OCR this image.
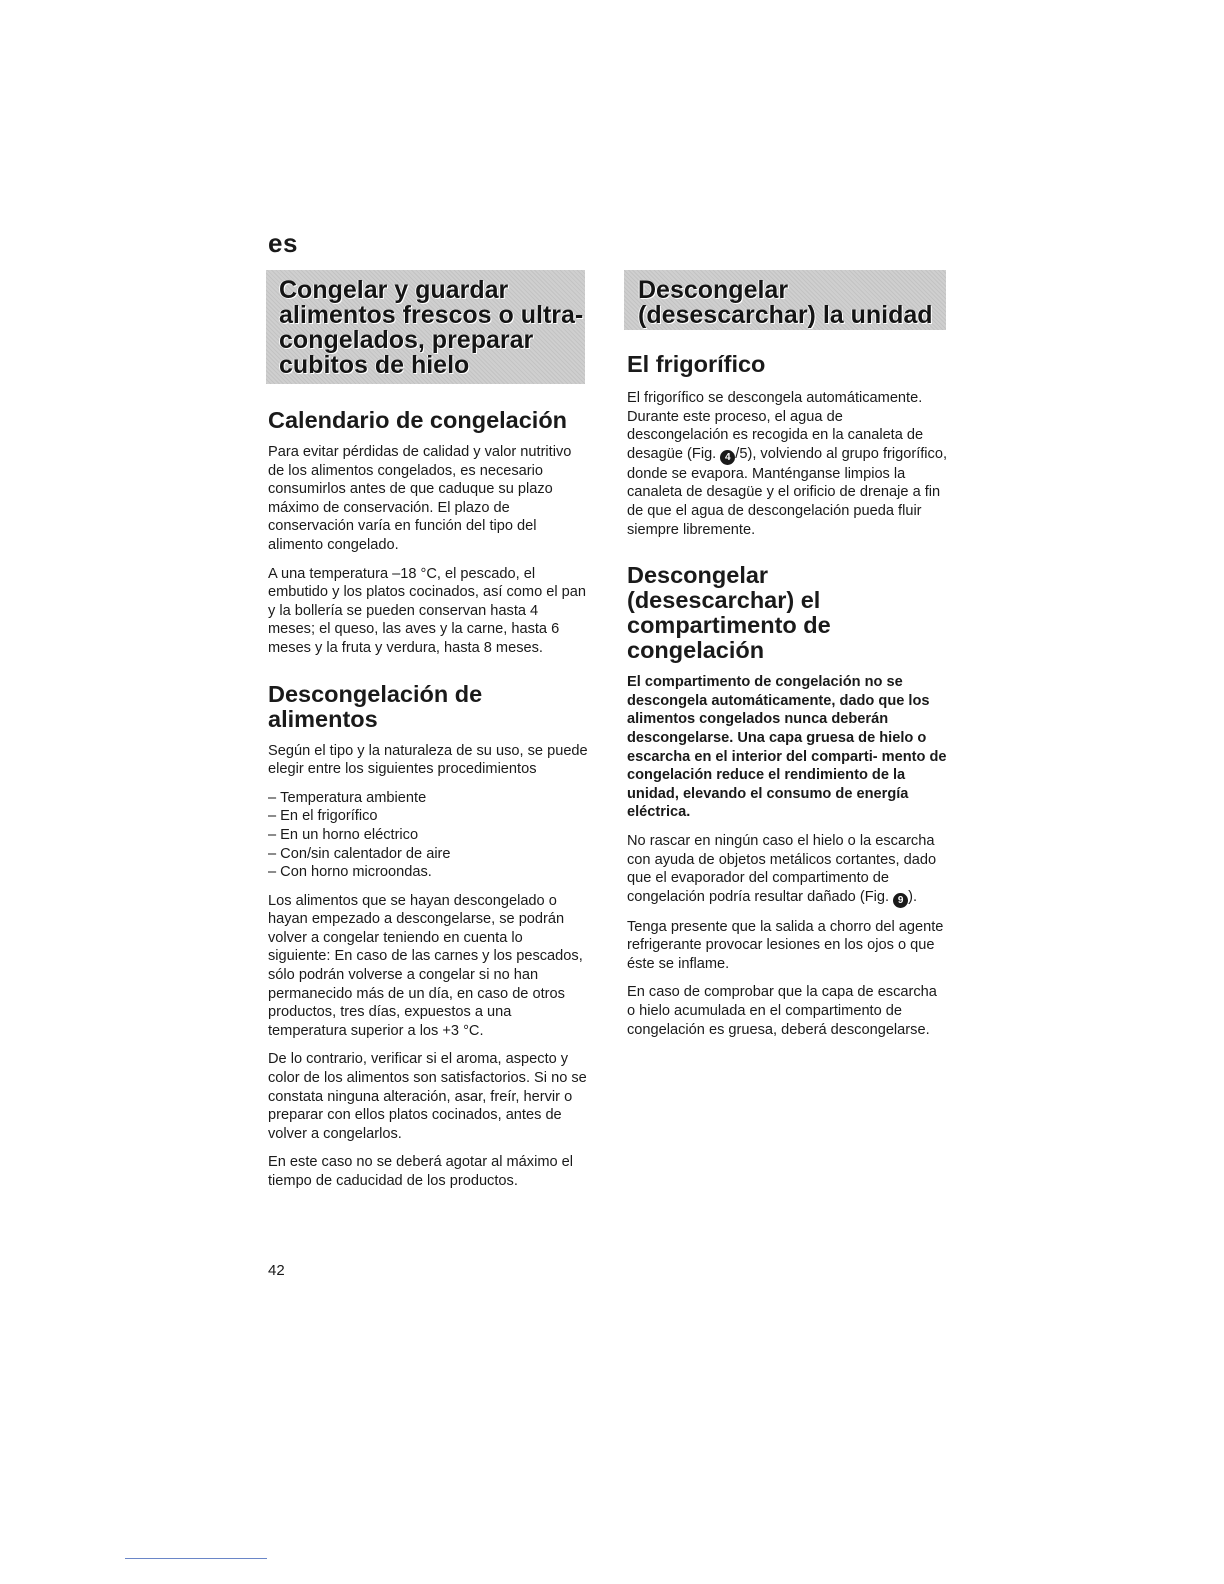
es
Congelar y guardar
alimentos frescos o ultra-
congelados, preparar
cubitos de hielo
Descongelar
(desescarchar) la unidad
Calendario de congelación

Para evitar pérdidas de calidad y valor nutritivo de los alimentos congelados, es necesario consumirlos antes de que caduque su plazo máximo de conservación. El plazo de conservación varía en función del tipo del alimento congelado.

A una temperatura –18 °C, el pescado, el embutido y los platos cocinados, así como el pan y la bollería se pueden conservan hasta 4 meses; el queso, las aves y la carne, hasta 6 meses y la fruta y verdura, hasta 8 meses.

Descongelación de
alimentos

Según el tipo y la naturaleza de su uso, se puede elegir entre los siguientes procedimientos

– Temperatura ambiente
– En el frigorífico
– En un horno eléctrico
– Con/sin calentador de aire
– Con horno microondas.

Los alimentos que se hayan descongelado o hayan empezado a descongelarse, se podrán volver a congelar teniendo en cuenta lo siguiente: En caso de las carnes y los pescados, sólo podrán volverse a congelar si no han permanecido más de un día, en caso de otros productos, tres días, expuestos a una temperatura superior a los +3 °C.

De lo contrario, verificar si el aroma, aspecto y color de los alimentos son satisfactorios. Si no se constata ninguna alteración, asar, freír, hervir o preparar con ellos platos cocinados, antes de volver a congelarlos.

En este caso no se deberá agotar al máximo el tiempo de caducidad de los productos.

El frigorífico

El frigorífico se descongela automáticamente. Durante este proceso, el agua de descongelación es recogida en la canaleta de desagüe (Fig. 4 /5), volviendo al grupo frigorífico, donde se evapora. Manténganse limpios la canaleta de desagüe y el orificio de drenaje a fin de que el agua de descongelación pueda fluir siempre libremente.

Descongelar
(desescarchar) el
compartimento de
congelación

El compartimento de congelación no se descongela automáticamente, dado que los alimentos congelados nunca deberán descongelarse. Una capa gruesa de hielo o escarcha en el interior del comparti- mento de congelación reduce el rendimiento de la unidad, elevando el consumo de energía eléctrica.

No rascar en ningún caso el hielo o la escarcha con ayuda de objetos metálicos cortantes, dado que el evaporador del compartimento de congelación podría resultar dañado (Fig. 9 ).

Tenga presente que la salida a chorro del agente refrigerante provocar lesiones en los ojos o que éste se inflame.

En caso de comprobar que la capa de escarcha o hielo acumulada en el compartimento de congelación es gruesa, deberá descongelarse.

42
